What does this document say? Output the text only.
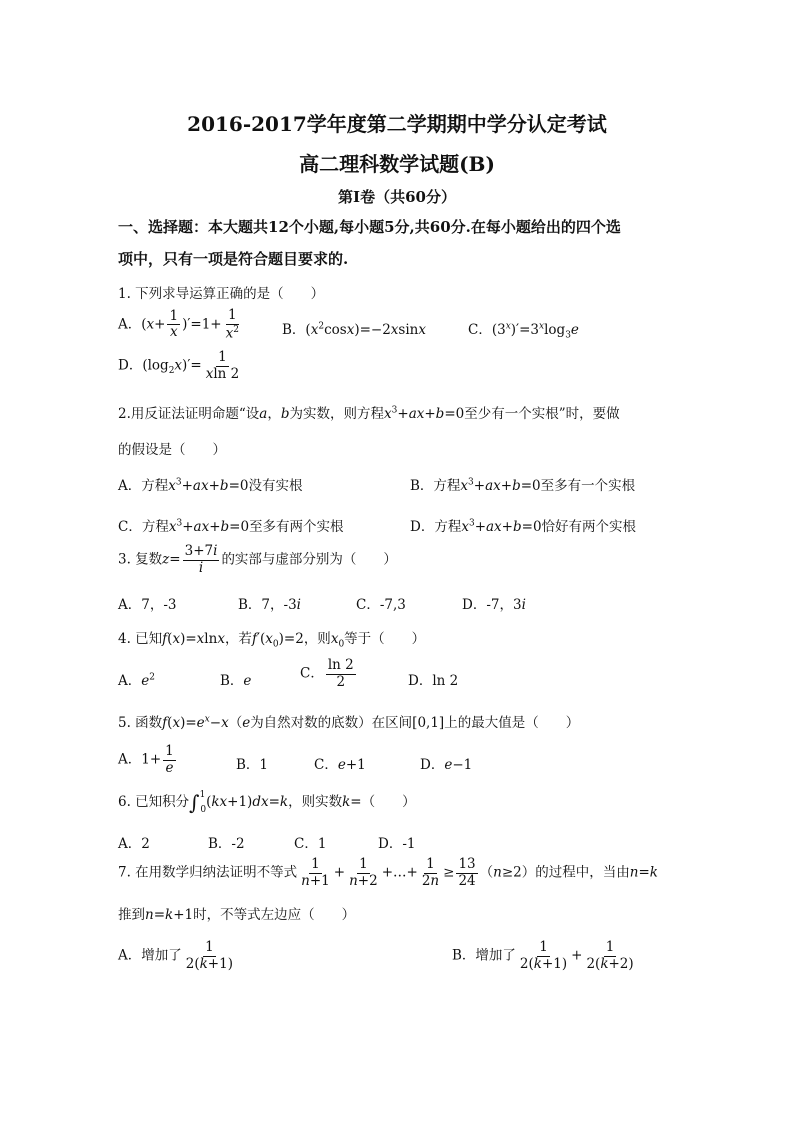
2016-2017学年度第二学期期中学分认定考试
高二理科数学试题(B)
第Ⅰ卷（共60分）
一、选择题：本大题共12个小题,每小题5分,共60分.在每小题给出的四个选
项中，只有一项是符合题目要求的.
1. 下列求导运算正确的是（　　）
A．$(x+ \frac{1}{x} )'=1+ \frac{1}{x^2}$	B．$(x^2\cos x)=-2xsinx$	C．$(3^x)'=3^x\log_3e$
D．$(\log_2x)'= \frac{1}{xln 2}$
2.用反证法证明命题“设a，b为实数，则方程$x^3+ax+b=0$至少有一个实根”时，要做
的假设是（　　）
A．方程$x^3+ax+b=0$没有实根	B．方程$x^3+ax+b=0$至多有一个实根
C．方程$x^3+ax+b=0$至多有两个实根	D．方程$x^3+ax+b=0$恰好有两个实根
3. 复数$z= \frac{3+7i}{i}$ 的实部与虚部分别为（　　）
A．7，-3	B．7，-3i	C．-7,3	D．-7，3i
4. 已知f(x)=xlnx，若$f'(x_0)=2$，则$x_0$等于（　　）
A．$e^2$	B．e	C． $\frac{\ln 2}{2}$	D．ln 2
5. 函数$f(x)=e^x-x(e$为自然对数的底数）在区间[0,1]上的最大值是（　　）
A．$1+ \frac{1}{e}$	B．1	C．e+1	D．e−1
6. 已知积分∫$^1$0(kx+1)dx=k，则实数k=（　　）
A．2	B．-2	C．1	D．-1
7. 在用数学归纳法证明不等式 $\frac{1}{n+1} + \frac{1}{n+2}$ +…+ $\frac{1}{2n} \ge \frac{13}{24} (n\ge 2)$的过程中，当由n=k
推到n=k+1时，不等式左边应（　　）
A．增加了 $\frac{1}{2(k+1)}$	B．增加了 $\frac{1}{2(k+1)} + \frac{1}{2(k+2)}$
